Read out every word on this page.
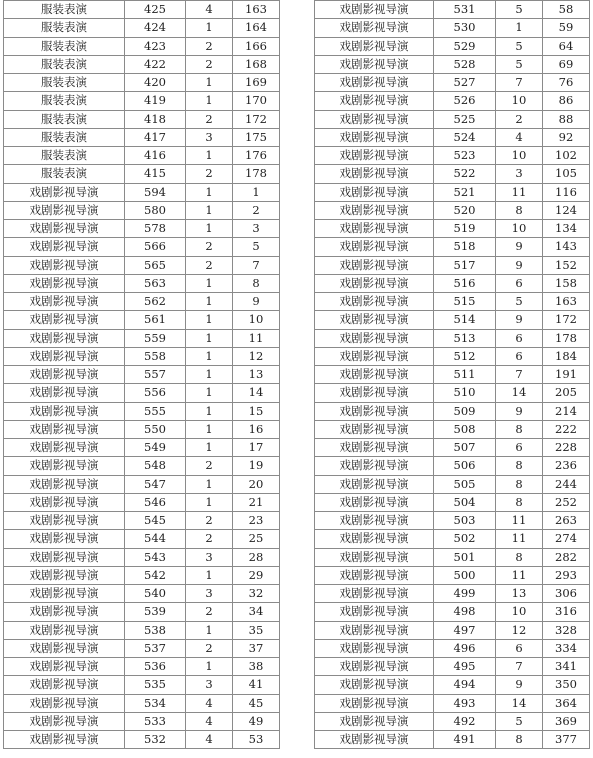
服装表演	425	4	163
服装表演	424	1	164
服装表演	423	2	166
服装表演	422	2	168
服装表演	420	1	169
服装表演	419	1	170
服装表演	418	2	172
服装表演	417	3	175
服装表演	416	1	176
服装表演	415	2	178
戏剧影视导演	594	1	1
戏剧影视导演	580	1	2
戏剧影视导演	578	1	3
戏剧影视导演	566	2	5
戏剧影视导演	565	2	7
戏剧影视导演	563	1	8
戏剧影视导演	562	1	9
戏剧影视导演	561	1	10
戏剧影视导演	559	1	11
戏剧影视导演	558	1	12
戏剧影视导演	557	1	13
戏剧影视导演	556	1	14
戏剧影视导演	555	1	15
戏剧影视导演	550	1	16
戏剧影视导演	549	1	17
戏剧影视导演	548	2	19
戏剧影视导演	547	1	20
戏剧影视导演	546	1	21
戏剧影视导演	545	2	23
戏剧影视导演	544	2	25
戏剧影视导演	543	3	28
戏剧影视导演	542	1	29
戏剧影视导演	540	3	32
戏剧影视导演	539	2	34
戏剧影视导演	538	1	35
戏剧影视导演	537	2	37
戏剧影视导演	536	1	38
戏剧影视导演	535	3	41
戏剧影视导演	534	4	45
戏剧影视导演	533	4	49
戏剧影视导演	532	4	53
戏剧影视导演	531	5	58
戏剧影视导演	530	1	59
戏剧影视导演	529	5	64
戏剧影视导演	528	5	69
戏剧影视导演	527	7	76
戏剧影视导演	526	10	86
戏剧影视导演	525	2	88
戏剧影视导演	524	4	92
戏剧影视导演	523	10	102
戏剧影视导演	522	3	105
戏剧影视导演	521	11	116
戏剧影视导演	520	8	124
戏剧影视导演	519	10	134
戏剧影视导演	518	9	143
戏剧影视导演	517	9	152
戏剧影视导演	516	6	158
戏剧影视导演	515	5	163
戏剧影视导演	514	9	172
戏剧影视导演	513	6	178
戏剧影视导演	512	6	184
戏剧影视导演	511	7	191
戏剧影视导演	510	14	205
戏剧影视导演	509	9	214
戏剧影视导演	508	8	222
戏剧影视导演	507	6	228
戏剧影视导演	506	8	236
戏剧影视导演	505	8	244
戏剧影视导演	504	8	252
戏剧影视导演	503	11	263
戏剧影视导演	502	11	274
戏剧影视导演	501	8	282
戏剧影视导演	500	11	293
戏剧影视导演	499	13	306
戏剧影视导演	498	10	316
戏剧影视导演	497	12	328
戏剧影视导演	496	6	334
戏剧影视导演	495	7	341
戏剧影视导演	494	9	350
戏剧影视导演	493	14	364
戏剧影视导演	492	5	369
戏剧影视导演	491	8	377
